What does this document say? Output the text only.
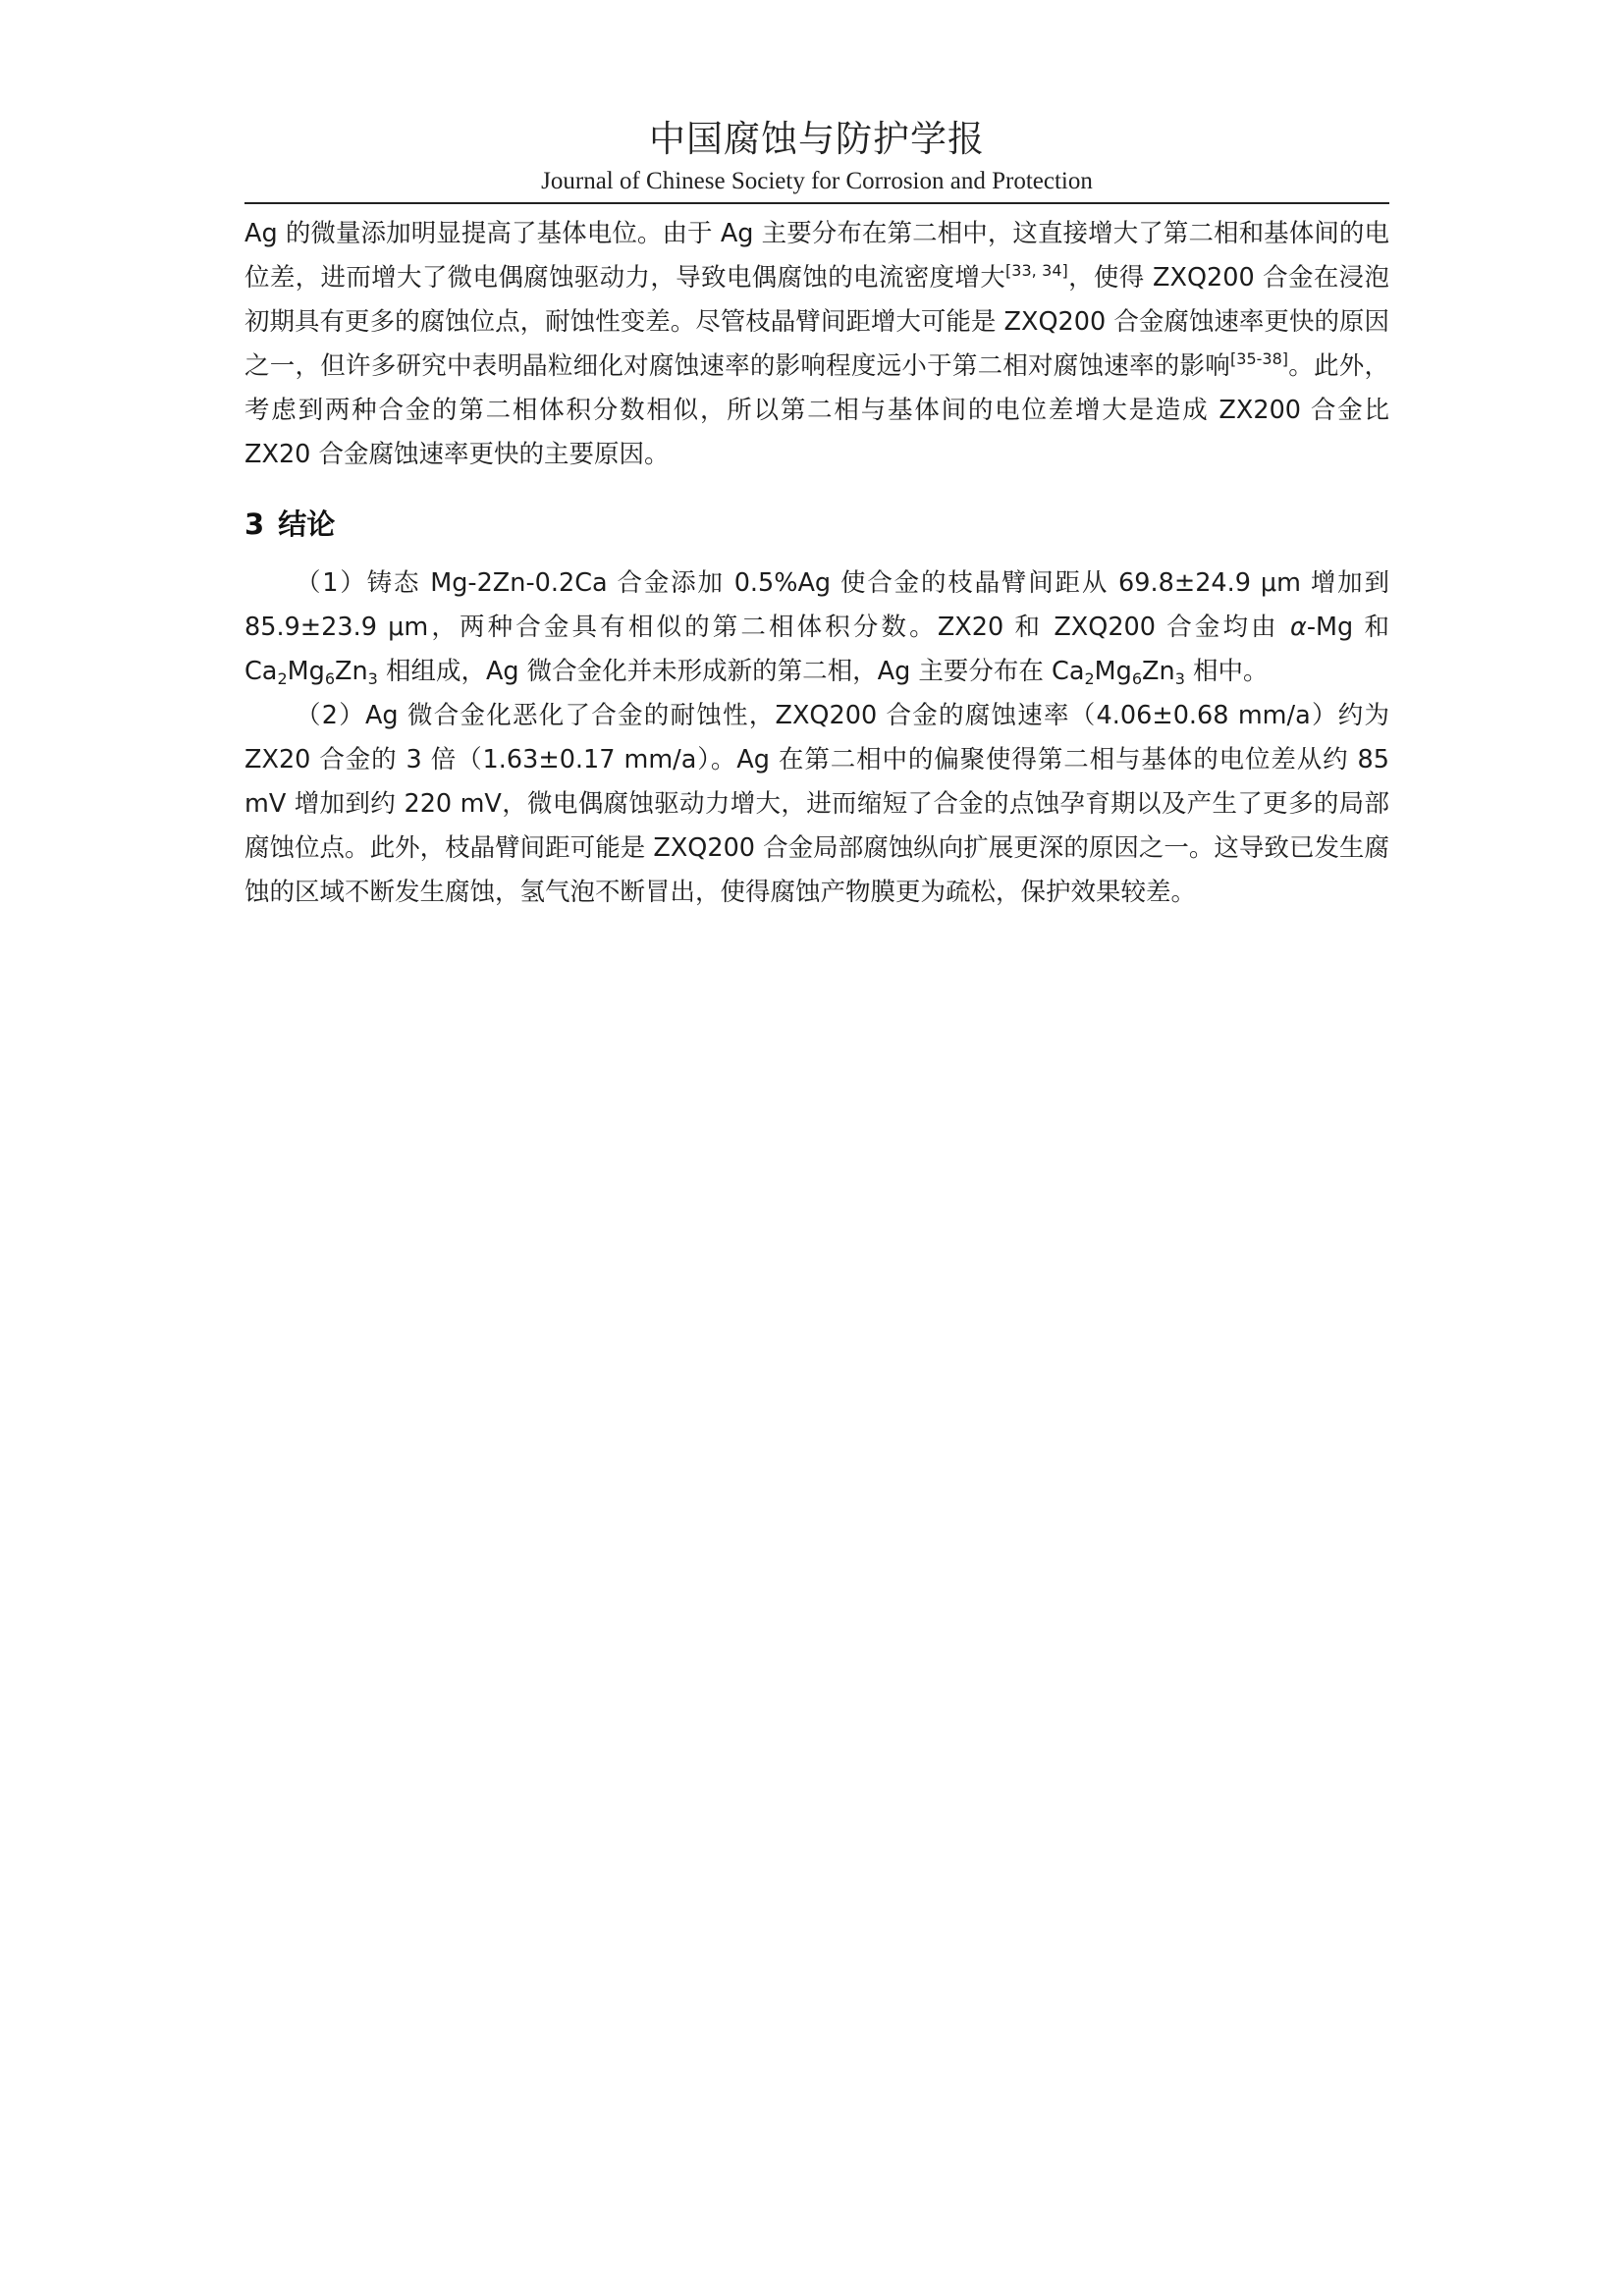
中国腐蚀与防护学报
Journal of Chinese Society for Corrosion and Protection

Ag 的微量添加明显提高了基体电位。由于 Ag 主要分布在第二相中，这直接增大了第二相和基体间的电位差，进而增大了微电偶腐蚀驱动力，导致电偶腐蚀的电流密度增大[33, 34]，使得 ZXQ200 合金在浸泡初期具有更多的腐蚀位点，耐蚀性变差。尽管枝晶臂间距增大可能是 ZXQ200 合金腐蚀速率更快的原因之一，但许多研究中表明晶粒细化对腐蚀速率的影响程度远小于第二相对腐蚀速率的影响[35-38]。此外，考虑到两种合金的第二相体积分数相似，所以第二相与基体间的电位差增大是造成 ZX200 合金比 ZX20 合金腐蚀速率更快的主要原因。

3 结论

（1）铸态 Mg-2Zn-0.2Ca 合金添加 0.5%Ag 使合金的枝晶臂间距从 69.8±24.9 μm 增加到 85.9±23.9 μm，两种合金具有相似的第二相体积分数。ZX20 和 ZXQ200 合金均由 α-Mg 和 $Ca_2Mg_6Zn_3$ 相组成，Ag 微合金化并未形成新的第二相，Ag 主要分布在 $Ca_2Mg_6Zn_3$ 相中。

（2）Ag 微合金化恶化了合金的耐蚀性，ZXQ200 合金的腐蚀速率（4.06±0.68 mm/a）约为 ZX20 合金的 3 倍（1.63±0.17 mm/a）。Ag 在第二相中的偏聚使得第二相与基体的电位差从约 85 mV 增加到约 220 mV，微电偶腐蚀驱动力增大，进而缩短了合金的点蚀孕育期以及产生了更多的局部腐蚀位点。此外，枝晶臂间距可能是 ZXQ200 合金局部腐蚀纵向扩展更深的原因之一。这导致已发生腐蚀的区域不断发生腐蚀，氢气泡不断冒出，使得腐蚀产物膜更为疏松，保护效果较差。
